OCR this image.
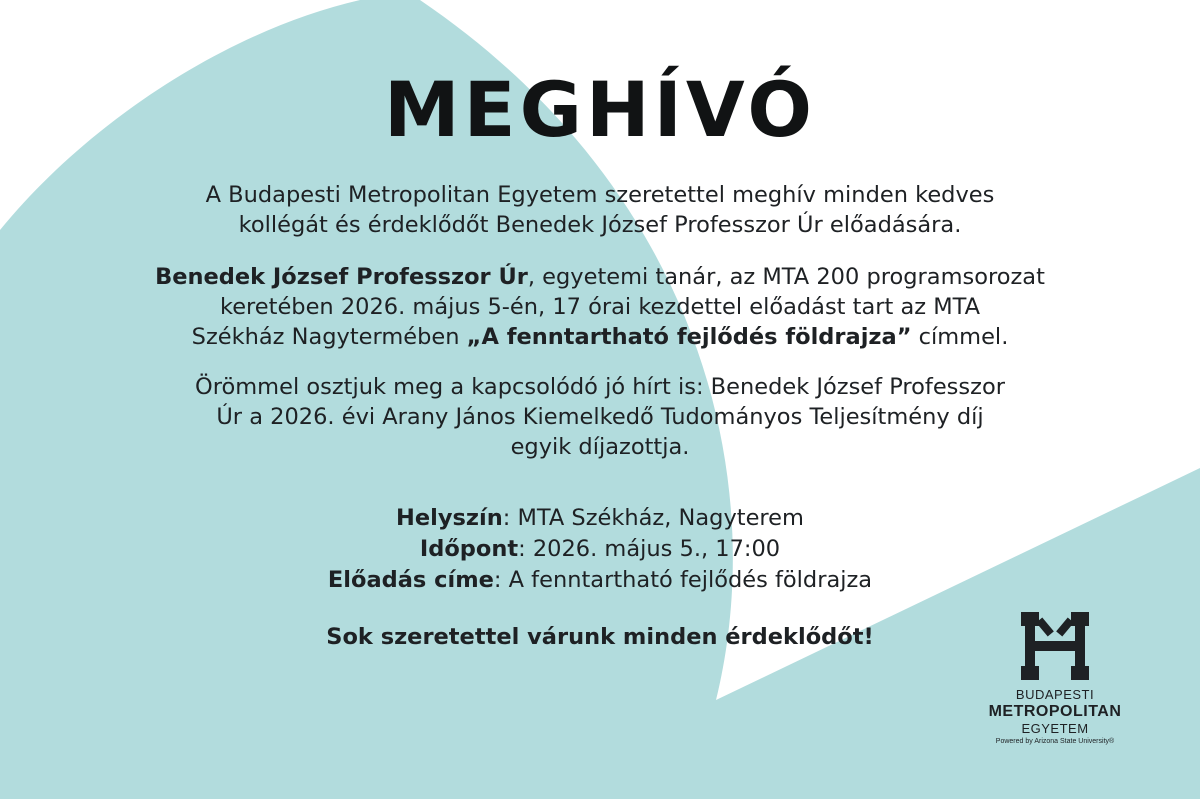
MEGHÍVÓ

A Budapesti Metropolitan Egyetem szeretettel meghív minden kedves
kollégát és érdeklődőt Benedek József Professzor Úr előadására.

Benedek József Professzor Úr, egyetemi tanár, az MTA 200 programsorozat
keretében 2026. május 5-én, 17 órai kezdettel előadást tart az MTA
Székház Nagytermében „A fenntartható fejlődés földrajza” címmel.

Örömmel osztjuk meg a kapcsolódó jó hírt is: Benedek József Professzor
Úr a 2026. évi Arany János Kiemelkedő Tudományos Teljesítmény díj
egyik díjazottja.

Helyszín: MTA Székház, Nagyterem
Időpont: 2026. május 5., 17:00
Előadás címe: A fenntartható fejlődés földrajza
Sok szeretettel várunk minden érdeklődőt!
BUDAPESTI
METROPOLITAN
EGYETEM
Powered by Arizona State University®
